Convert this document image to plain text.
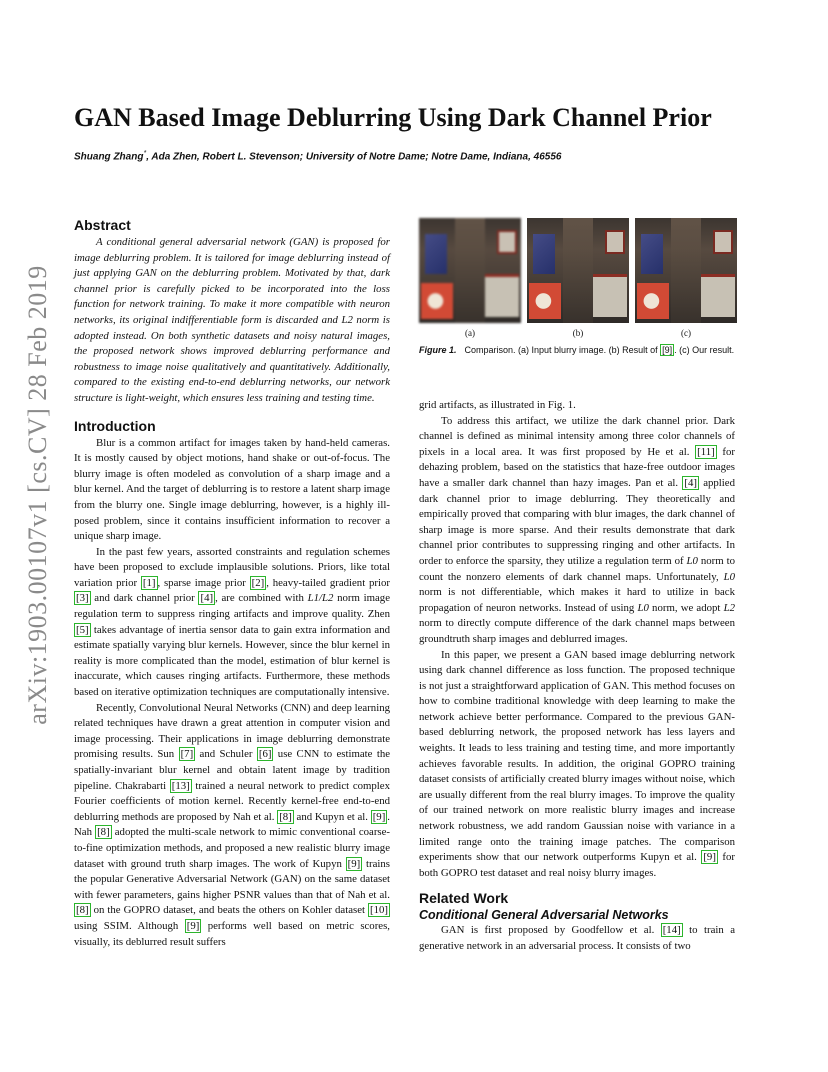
arXiv:1903.00107v1 [cs.CV] 28 Feb 2019
GAN Based Image Deblurring Using Dark Channel Prior
Shuang Zhang*, Ada Zhen, Robert L. Stevenson; University of Notre Dame; Notre Dame, Indiana, 46556
Abstract

A conditional general adversarial network (GAN) is proposed for image deblurring problem. It is tailored for image deblurring instead of just applying GAN on the deblurring problem. Motivated by that, dark channel prior is carefully picked to be incorporated into the loss function for network training. To make it more compatible with neuron networks, its original indifferentiable form is discarded and L2 norm is adopted instead. On both synthetic datasets and noisy natural images, the proposed network shows improved deblurring performance and robustness to image noise qualitatively and quantitatively. Additionally, compared to the existing end-to-end deblurring networks, our network structure is light-weight, which ensures less training and testing time.

Introduction

Blur is a common artifact for images taken by hand-held cameras. It is mostly caused by object motions, hand shake or out-of-focus. The blurry image is often modeled as convolution of a sharp image and a blur kernel. And the target of deblurring is to restore a latent sharp image from the blurry one. Single image deblurring, however, is a highly ill-posed problem, since it contains insufficient information to recover a unique sharp image.

In the past few years, assorted constraints and regulation schemes have been proposed to exclude implausible solutions. Priors, like total variation prior [1] , sparse image prior [2] , heavy-tailed gradient prior [3] and dark channel prior [4] , are combined with L1/L2 norm image regulation term to suppress ringing artifacts and improve quality. Zhen [5] takes advantage of inertia sensor data to gain extra information and estimate spatially varying blur kernels. However, since the blur kernel in reality is more complicated than the model, estimation of blur kernel is inaccurate, which causes ringing artifacts. Furthermore, these methods based on iterative optimization techniques are computationally intensive.

Recently, Convolutional Neural Networks (CNN) and deep learning related techniques have drawn a great attention in computer vision and image processing. Their applications in image deblurring demonstrate promising results. Sun [7] and Schuler [6] use CNN to estimate the spatially-invariant blur kernel and obtain latent image by tradition pipeline. Chakrabarti [13] trained a neural network to predict complex Fourier coefficients of motion kernel. Recently kernel-free end-to-end deblurring methods are proposed by Nah et al. [8] and Kupyn et al. [9] . Nah [8] adopted the multi-scale network to mimic conventional coarse-to-fine optimization methods, and proposed a new realistic blurry image dataset with ground truth sharp images. The work of Kupyn [9] trains the popular Generative Adversarial Network (GAN) on the same dataset with fewer parameters, gains higher PSNR values than that of Nah et al. [8] on the GOPRO dataset, and beats the others on Kohler dataset [10] using SSIM. Although [9] performs well based on metric scores, visually, its deblurred result suffers

(a)	(b)	(c)
Figure 1. Comparison. (a) Input blurry image. (b) Result of [9] . (c) Our result.

grid artifacts, as illustrated in Fig. 1.

To address this artifact, we utilize the dark channel prior. Dark channel is defined as minimal intensity among three color channels of pixels in a local area. It was first proposed by He et al. [11] for dehazing problem, based on the statistics that haze-free outdoor images have a smaller dark channel than hazy images. Pan et al. [4] applied dark channel prior to image deblurring. They theoretically and empirically proved that comparing with blur images, the dark channel of sharp image is more sparse. And their results demonstrate that dark channel prior contributes to suppressing ringing and other artifacts. In order to enforce the sparsity, they utilize a regulation term of L0 norm to count the nonzero elements of dark channel maps. Unfortunately, L0 norm is not differentiable, which makes it hard to utilize in back propagation of neuron networks. Instead of using L0 norm, we adopt L2 norm to directly compute difference of the dark channel maps between groundtruth sharp images and deblurred images.

In this paper, we present a GAN based image deblurring network using dark channel difference as loss function. The proposed technique is not just a straightforward application of GAN. This method focuses on how to combine traditional knowledge with deep learning to make the network achieve better performance. Compared to the previous GAN-based deblurring network, the proposed network has less layers and weights. It leads to less training and testing time, and more importantly achieves favorable results. In addition, the original GOPRO training dataset consists of artificially created blurry images without noise, which are usually different from the real blurry images. To improve the quality of our trained network on more realistic blurry images and increase network robustness, we add random Gaussian noise with variance in a limited range onto the training image patches. The comparison experiments show that our network outperforms Kupyn et al. [9] for both GOPRO test dataset and real noisy blurry images.

Related Work
Conditional General Adversarial Networks

GAN is first proposed by Goodfellow et al. [14] to train a generative network in an adversarial process. It consists of two
